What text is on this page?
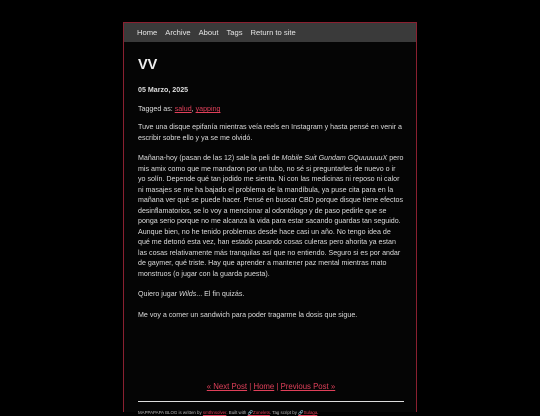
Home Archive About Tags Return to site
VV
05 Marzo, 2025
Tagged as: salud, yapping

Tuve una disque epifanía mientras veía reels en Instagram y hasta pensé en venir a escribir sobre ello y ya se me olvidó.

Mañana-hoy (pasan de las 12) sale la peli de Mobile Suit Gundam GQuuuuuuX pero mis amix como que me mandaron por un tubo, no sé si preguntarles de nuevo o ir yo solín. Depende qué tan jodido me sienta. Ni con las medicinas ni reposo ni calor ni masajes se me ha bajado el problema de la mandíbula, ya puse cita para en la mañana ver qué se puede hacer. Pensé en buscar CBD porque disque tiene efectos desinflamatorios, se lo voy a mencionar al odontólogo y de paso pedirle que se ponga serio porque no me alcanza la vida para estar sacando guardas tan seguido. Aunque bien, no he tenido problemas desde hace casi un año. No tengo idea de qué me detonó esta vez, han estado pasando cosas culeras pero ahorita ya estan las cosas relativamente más tranquilas así que no entiendo. Seguro si es por andar de gaymer, qué triste. Hay que aprender a mantener paz mental mientras mato monstruos (o jugar con la guarda puesta).

Quiero jugar Wilds... El fin quizás.

Me voy a comer un sandwich para poder tragarme la dosis que sigue.

« Next Post | Home | Previous Post »
MAPPAPAPA BLOG is written by smthnsolver. Built with 🔗Zonelets. Tag script by 🔗Sulaga.
